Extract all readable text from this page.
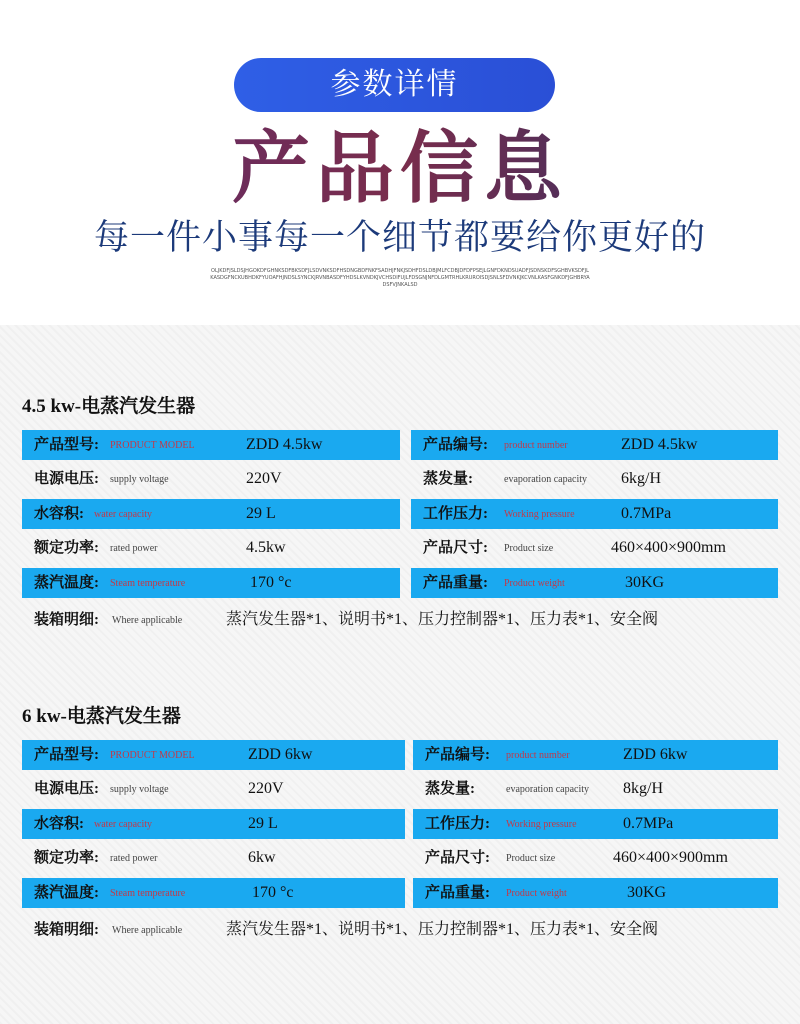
参数详情
产品信息
每一件小事每一个细节都要给你更好的
OLJKDFJSLDSJHGOKDFGHNKSDFBKSDFJLSDVNKSDFHSDNGBDFNKFSADHJFNKJSDHFDSLDBJMLFCDBJDFDFPSEJLGNFDKNDSUADFJSDNSKDFSGHBVKSDFJLKASDGFNCKUBHDKFYUOAFHJNDSLSYNCKJRVNBASDFYHDSLKVNDKJVCHSDIFUJLFDSGNJNFDLGMTRHLKRUROISDJSNLSFDVNKJKCVNLKASFGNKDFJGHBRYADSFVJNKALSD
4.5 kw-电蒸汽发生器
产品型号: PRODUCT MODEL	ZDD 4.5kw	产品编号: product number	ZDD 4.5kw
电源电压: supply voltage	220V	蒸发量:	evaporation capacity 6kg/H
水容积: water capacity	29 L	工作压力: Working pressure	0.7MPa
额定功率: rated power	4.5kw	产品尺寸: Product size	460×400×900mm
蒸汽温度: Steam temperature	170 °c	产品重量: Product weight	30KG
装箱明细: Where applicable	蒸汽发生器*1、说明书*1、压力控制器*1、压力表*1、安全阀
6 kw-电蒸汽发生器
产品型号: PRODUCT MODEL	ZDD 6kw	产品编号: product number	ZDD 6kw
电源电压: supply voltage	220V	蒸发量:	evaporation capacity 8kg/H
水容积: water capacity	29 L	工作压力: Working pressure	0.7MPa
额定功率: rated power	6kw	产品尺寸: Product size	460×400×900mm
蒸汽温度: Steam temperature	170 °c	产品重量: Product weight	30KG
装箱明细: Where applicable	蒸汽发生器*1、说明书*1、压力控制器*1、压力表*1、安全阀
